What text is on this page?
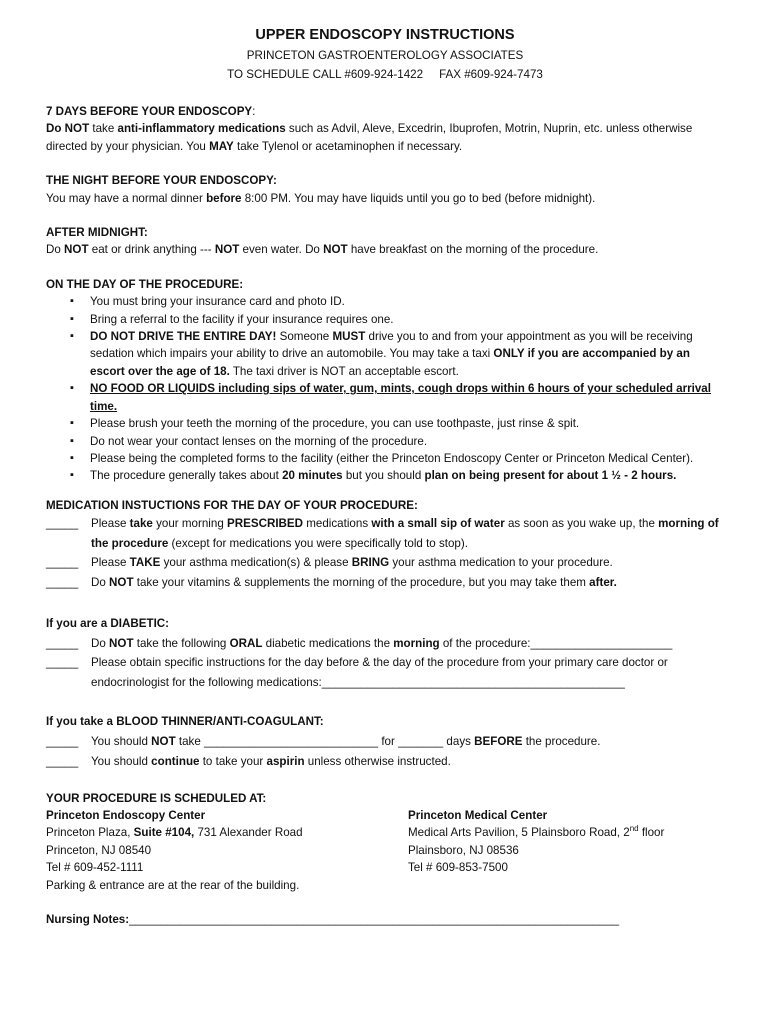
UPPER ENDOSCOPY INSTRUCTIONS

PRINCETON GASTROENTEROLOGY ASSOCIATES

TO SCHEDULE CALL #609-924-1422 FAX #609-924-7473

7 DAYS BEFORE YOUR ENDOSCOPY:

Do NOT take anti-inflammatory medications such as Advil, Aleve, Excedrin, Ibuprofen, Motrin, Nuprin, etc. unless otherwise directed by your physician. You MAY take Tylenol or acetaminophen if necessary.

THE NIGHT BEFORE YOUR ENDOSCOPY:

You may have a normal dinner before 8:00 PM. You may have liquids until you go to bed (before midnight).

AFTER MIDNIGHT:

Do NOT eat or drink anything --- NOT even water. Do NOT have breakfast on the morning of the procedure.

ON THE DAY OF THE PROCEDURE:

▪ You must bring your insurance card and photo ID.
▪ Bring a referral to the facility if your insurance requires one.
▪ DO NOT DRIVE THE ENTIRE DAY! Someone MUST drive you to and from your appointment as you will be receiving sedation which impairs your ability to drive an automobile. You may take a taxi ONLY if you are accompanied by an escort over the age of 18. The taxi driver is NOT an acceptable escort.
▪ NO FOOD OR LIQUIDS including sips of water, gum, mints, cough drops within 6 hours of your scheduled arrival time.
▪ Please brush your teeth the morning of the procedure, you can use toothpaste, just rinse & spit.
▪ Do not wear your contact lenses on the morning of the procedure.
▪ Please being the completed forms to the facility (either the Princeton Endoscopy Center or Princeton Medical Center).
▪ The procedure generally takes about 20 minutes but you should plan on being present for about 1 ½ - 2 hours.

MEDICATION INSTUCTIONS FOR THE DAY OF YOUR PROCEDURE:

_____	Please take your morning PRESCRIBED medications with a small sip of water as soon as you wake up, the morning of the procedure (except for medications you were specifically told to stop).
_____	Please TAKE your asthma medication(s) & please BRING your asthma medication to your procedure.
_____	Do NOT take your vitamins & supplements the morning of the procedure, but you may take them after.

If you are a DIABETIC:

_____	Do NOT take the following ORAL diabetic medications the morning of the procedure:______________________
_____	Please obtain specific instructions for the day before & the day of the procedure from your primary care doctor or endocrinologist for the following medications:_______________________________________________

If you take a BLOOD THINNER/ANTI-COAGULANT:

_____	You should NOT take ___________________________ for _______ days BEFORE the procedure.
_____	You should continue to take your aspirin unless otherwise instructed.

YOUR PROCEDURE IS SCHEDULED AT:

Princeton Endoscopy Center

Princeton Plaza, Suite #104, 731 Alexander Road

Princeton, NJ 08540

Tel # 609-452-1111

Parking & entrance are at the rear of the building.

Princeton Medical Center

Medical Arts Pavilion, 5 Plainsboro Road, 2nd floor

Plainsboro, NJ 08536

Tel # 609-853-7500

Nursing Notes:____________________________________________________________________________
